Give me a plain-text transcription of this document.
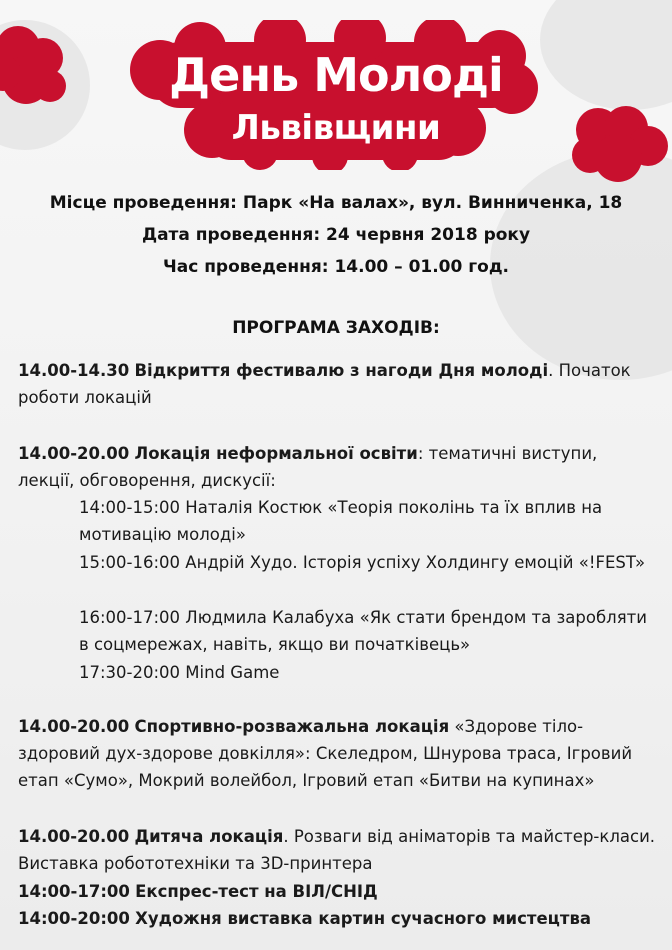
День Молоді
Львівщини
Місце проведення: Парк «На валах», вул. Винниченка, 18
Дата проведення: 24 червня 2018 року
Час проведення: 14.00 – 01.00 год.
ПРОГРАМА ЗАХОДІВ:
14.00-14.30 Відкриття фестивалю з нагоди Дня молоді. Початок роботи локацій
14.00-20.00 Локація неформальної освіти: тематичні виступи, лекції, обговорення, дискусії:
14:00-15:00 Наталія Костюк «Теорія поколінь та їх вплив на мотивацію молоді»
15:00-16:00 Андрій Худо. Історія успіху Холдингу емоцій «!FEST»
16:00-17:00 Людмила Калабуха «Як стати брендом та заробляти в соцмережах, навіть, якщо ви початківець»
17:30-20:00 Mind Game
14.00-20.00 Спортивно-розважальна локація «Здорове тіло-здоровий дух-здорове довкілля»: Скеледром, Шнурова траса, Ігровий етап «Сумо», Мокрий волейбол, Ігровий етап «Битви на купинах»
14.00-20.00 Дитяча локація. Розваги від аніматорів та майстер-класи. Виставка робототехніки та 3D-принтера
14:00-17:00 Експрес-тест на ВІЛ/СНІД
14:00-20:00 Художня виставка картин сучасного мистецтва
